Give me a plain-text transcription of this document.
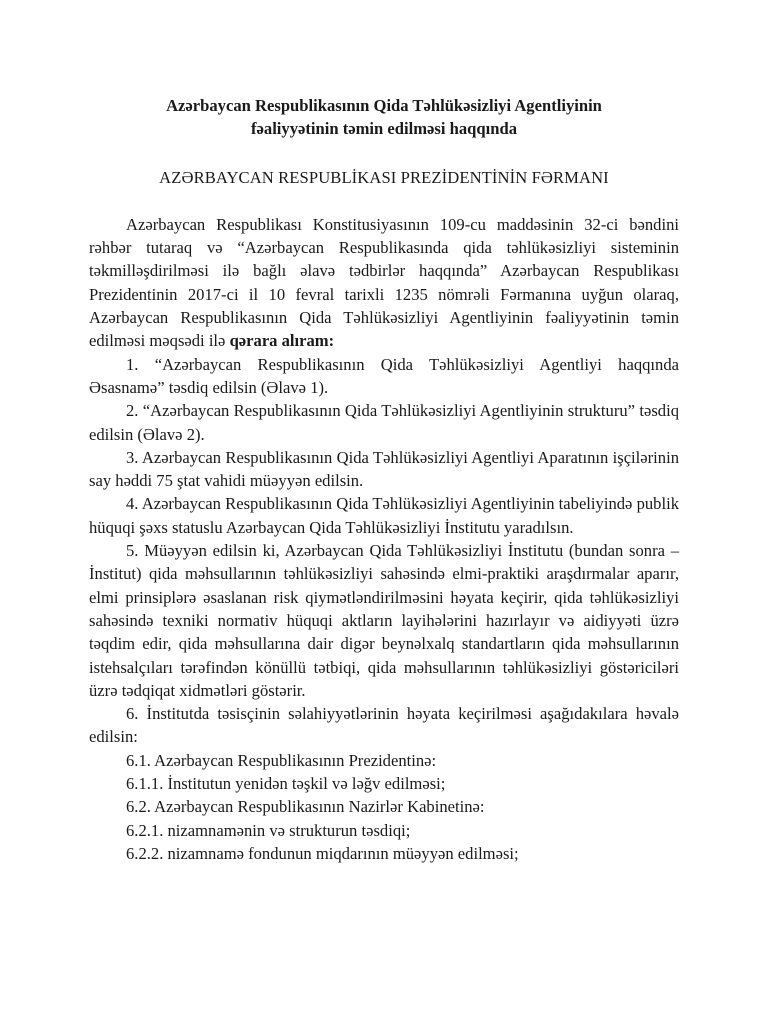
Azərbaycan Respublikasının Qida Təhlükəsizliyi Agentliyinin
fəaliyyətinin təmin edilməsi haqqında
AZƏRBAYCAN RESPUBLİKASI PREZİDENTİNİN FƏRMANI

Azərbaycan Respublikası Konstitusiyasının 109-cu maddəsinin 32-ci bəndini rəhbər tutaraq və “Azərbaycan Respublikasında qida təhlükəsizliyi sisteminin təkmilləşdirilməsi ilə bağlı əlavə tədbirlər haqqında” Azərbaycan Respublikası Prezidentinin 2017-ci il 10 fevral tarixli 1235 nömrəli Fərmanına uyğun olaraq, Azərbaycan Respublikasının Qida Təhlükəsizliyi Agentliyinin fəaliyyətinin təmin edilməsi məqsədi ilə qərara alıram:

1. “Azərbaycan Respublikasının Qida Təhlükəsizliyi Agentliyi haqqında Əsasnamə” təsdiq edilsin (Əlavə 1).

2. “Azərbaycan Respublikasının Qida Təhlükəsizliyi Agentliyinin strukturu” təsdiq edilsin (Əlavə 2).

3. Azərbaycan Respublikasının Qida Təhlükəsizliyi Agentliyi Aparatının işçilərinin say həddi 75 ştat vahidi müəyyən edilsin.

4. Azərbaycan Respublikasının Qida Təhlükəsizliyi Agentliyinin tabeliyində publik hüquqi şəxs statuslu Azərbaycan Qida Təhlükəsizliyi İnstitutu yaradılsın.

5. Müəyyən edilsin ki, Azərbaycan Qida Təhlükəsizliyi İnstitutu (bundan sonra – İnstitut) qida məhsullarının təhlükəsizliyi sahəsində elmi-praktiki araşdırmalar aparır, elmi prinsiplərə əsaslanan risk qiymətləndirilməsini həyata keçirir, qida təhlükəsizliyi sahəsində texniki normativ hüquqi aktların layihələrini hazırlayır və aidiyyəti üzrə təqdim edir, qida məhsullarına dair digər beynəlxalq standartların qida məhsullarının istehsalçıları tərəfindən könüllü tətbiqi, qida məhsullarının təhlükəsizliyi göstəriciləri üzrə tədqiqat xidmətləri göstərir.

6. İnstitutda təsisçinin səlahiyyətlərinin həyata keçirilməsi aşağıdakılara həvalə edilsin:

6.1. Azərbaycan Respublikasının Prezidentinə:

6.1.1. İnstitutun yenidən təşkil və ləğv edilməsi;

6.2. Azərbaycan Respublikasının Nazirlər Kabinetinə:

6.2.1. nizamnamənin və strukturun təsdiqi;

6.2.2. nizamnamə fondunun miqdarının müəyyən edilməsi;
